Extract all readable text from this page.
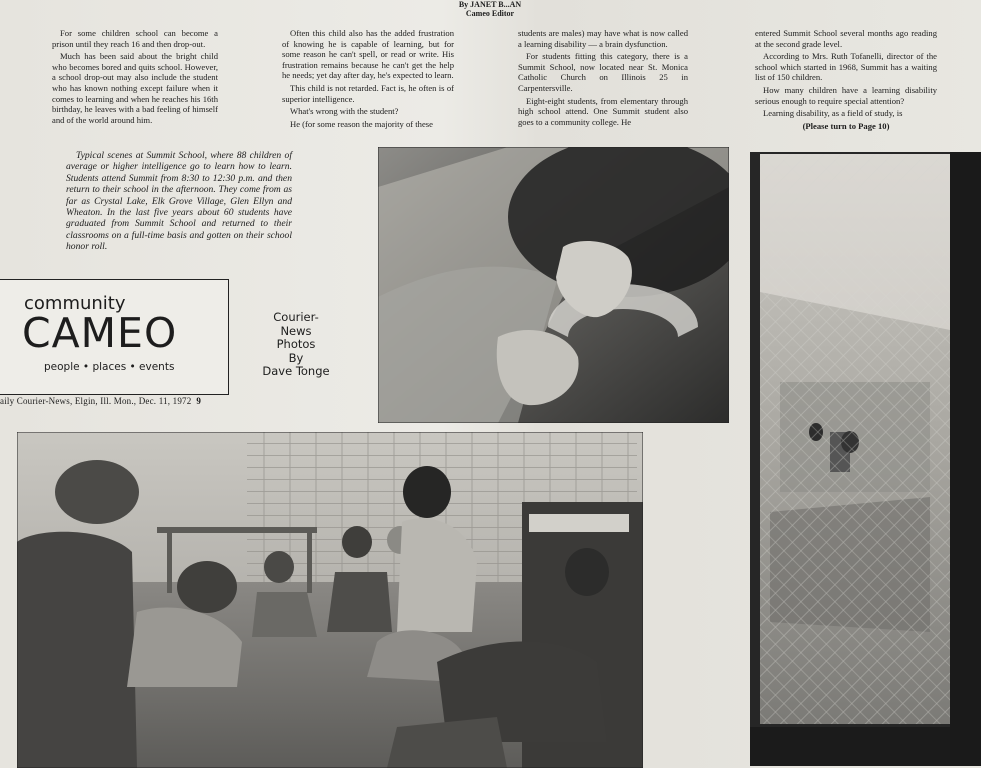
By JANET B...AN
Cameo Editor

For some children school can become a prison until they reach 16 and then drop-out.

Much has been said about the bright child who becomes bored and quits school. However, a school drop-out may also include the student who has known nothing except failure when it comes to learning and when he reaches his 16th birthday, he leaves with a bad feeling of himself and of the world around him.

Often this child also has the added frustration of knowing he is capable of learning, but for some reason he can't spell, or read or write. His frustration remains because he can't get the help he needs; yet day after day, he's expected to learn.

This child is not retarded. Fact is, he often is of superior intelligence.

What's wrong with the student?

He (for some reason the majority of these

students are males) may have what is now called a learning disability — a brain dysfunction.

For students fitting this category, there is a Summit School, now located near St. Monica Catholic Church on Illinois 25 in Carpentersville.

Eight-eight students, from elementary through high school attend. One Summit student also goes to a community college. He

entered Summit School several months ago reading at the second grade level.

According to Mrs. Ruth Tofanelli, director of the school which started in 1968, Summit has a waiting list of 150 children.

How many children have a learning disability serious enough to require special attention?

Learning disability, as a field of study, is

(Please turn to Page 10)

Typical scenes at Summit School, where 88 children of average or higher intelligence go to learn how to learn. Students attend Summit from 8:30 to 12:30 p.m. and then return to their school in the afternoon. They come from as far as Crystal Lake, Elk Grove Village, Glen Ellyn and Wheaton. In the last five years about 60 students have graduated from Summit School and returned to their classrooms on a full-time basis and gotten on their school honor roll.
community
CAMEO
people • places • events
aily Courier-News, Elgin, Ill. Mon., Dec. 11, 1972 9
Courier-
News
Photos
By
Dave Tonge
